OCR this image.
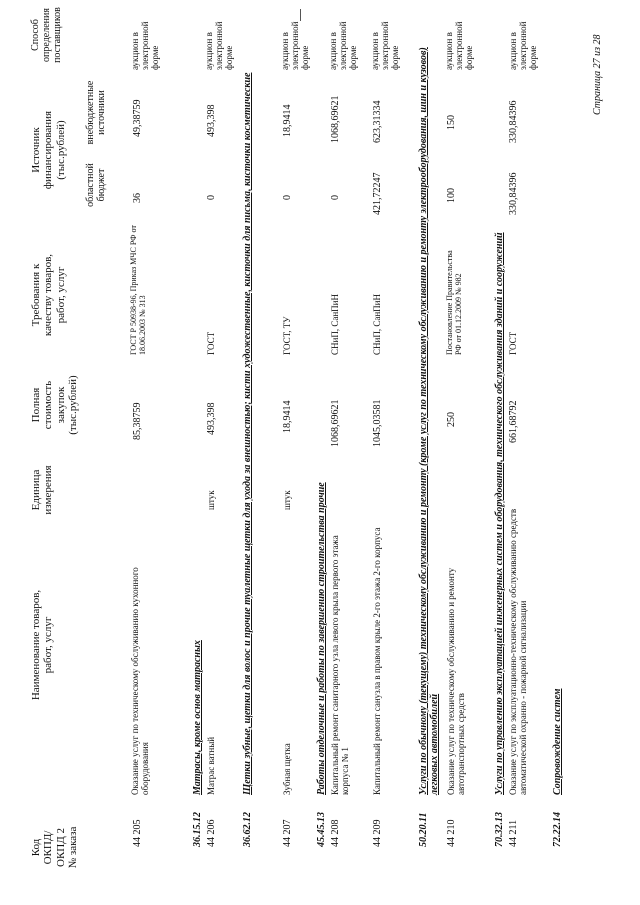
Код
ОКПД/
ОКПД 2
№ заказа
Наименование товаров,
работ, услуг
Единица
измерения
Полная
стоимость
закупок
(тыс.рублей)
Требования к
качеству товаров,
работ, услуг
Источник
финансирования
(тыс.рублей)
областной
бюджет
внебюджетные
источники
Способ
определения
поставщиков
44 205
Оказание услуг по техническому обслуживанию кухонного оборудования
85,38759
ГОСТ Р 50938-96, Приказ МЧС РФ от 18.06.2003 № 313
36
49,38759
аукцион в электронной форме
36.15.12
Матрасы, кроме основ матрасных
44 206
Матрас ватный
штук
493,398
ГОСТ
0
493,398
аукцион в электронной форме
36.62.12
Щетки зубные, щетки для волос и прочие туалетные щетки для ухода за внешностью; кисти художественные, кисточки для письма, кисточки косметические
44 207
Зубная щетка
штук
18,9414
ГОСТ, ТУ
0
18,9414
аукцион в электронной форме
45.45.13
Работы отделочные и работы по завершению строительства прочие
44 208
Капитальный ремонт санитарного узла левого крыла первого этажа корпуса № 1
1068,69621
СНиП, СанПиН
0
1068,69621
аукцион в электронной форме
44 209
Капитальный ремонт санузла в правом крыле 2-го этажа 2-го корпуса
1045,03581
СНиП, СанПиН
421,72247
623,31334
аукцион в электронной форме
50.20.11
Услуги по обычному (текущему) техническому обслуживанию и ремонту (кроме услуг по техническому обслуживанию и ремонту электрооборудования, шин и кузовов) легковых автомобилей
44 210
Оказание услуг по техническому обслуживанию и ремонту автотранспортных средств
250
Постановление Правительства РФ от 01.12.2009 № 982
100
150
аукцион в электронной форме
70.32.13
Услуги по управлению эксплуатацией инженерных систем и оборудования, технического обслуживания зданий и сооружений
44 211
Оказание услуг по эксплуатационно-техническому обслуживанию средств автоматической охранно - пожарной сигнализации
661,68792
ГОСТ
330,84396
330,84396
аукцион в электронной форме
72.22.14
Сопровождение систем
Страница 27 из 28
